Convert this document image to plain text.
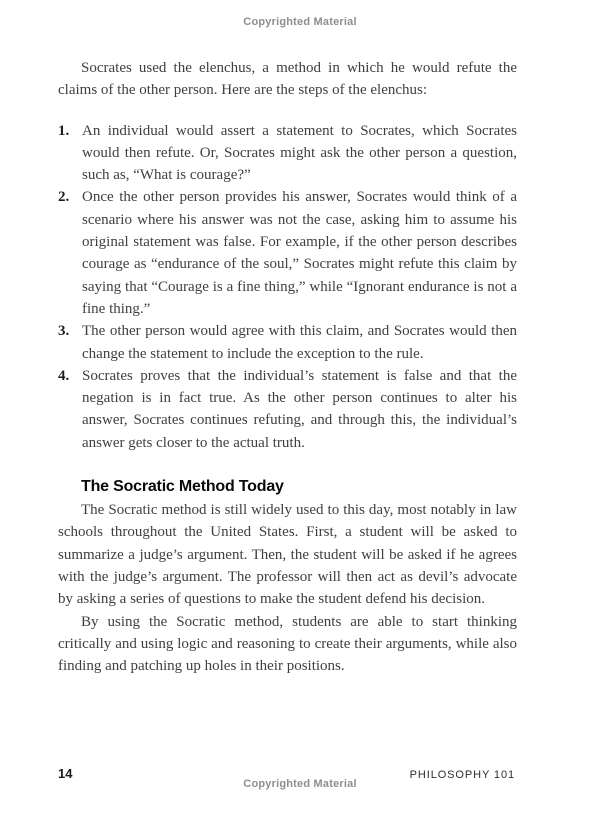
Copyrighted Material

Socrates used the elenchus, a method in which he would refute the claims of the other person. Here are the steps of the elenchus:

1. An individual would assert a statement to Socrates, which Socrates would then refute. Or, Socrates might ask the other person a question, such as, “What is courage?”
2. Once the other person provides his answer, Socrates would think of a scenario where his answer was not the case, asking him to assume his original statement was false. For example, if the other person describes courage as “endurance of the soul,” Socrates might refute this claim by saying that “Courage is a fine thing,” while “Ignorant endurance is not a fine thing.”
3. The other person would agree with this claim, and Socrates would then change the statement to include the exception to the rule.
4. Socrates proves that the individual’s statement is false and that the negation is in fact true. As the other person continues to alter his answer, Socrates continues refuting, and through this, the individual’s answer gets closer to the actual truth.
The Socratic Method Today

The Socratic method is still widely used to this day, most notably in law schools throughout the United States. First, a student will be asked to summarize a judge’s argument. Then, the student will be asked if he agrees with the judge’s argument. The professor will then act as devil’s advocate by asking a series of questions to make the student defend his decision.

By using the Socratic method, students are able to start thinking critically and using logic and reasoning to create their arguments, while also finding and patching up holes in their positions.

14	PHILOSOPHY 101
Copyrighted Material
